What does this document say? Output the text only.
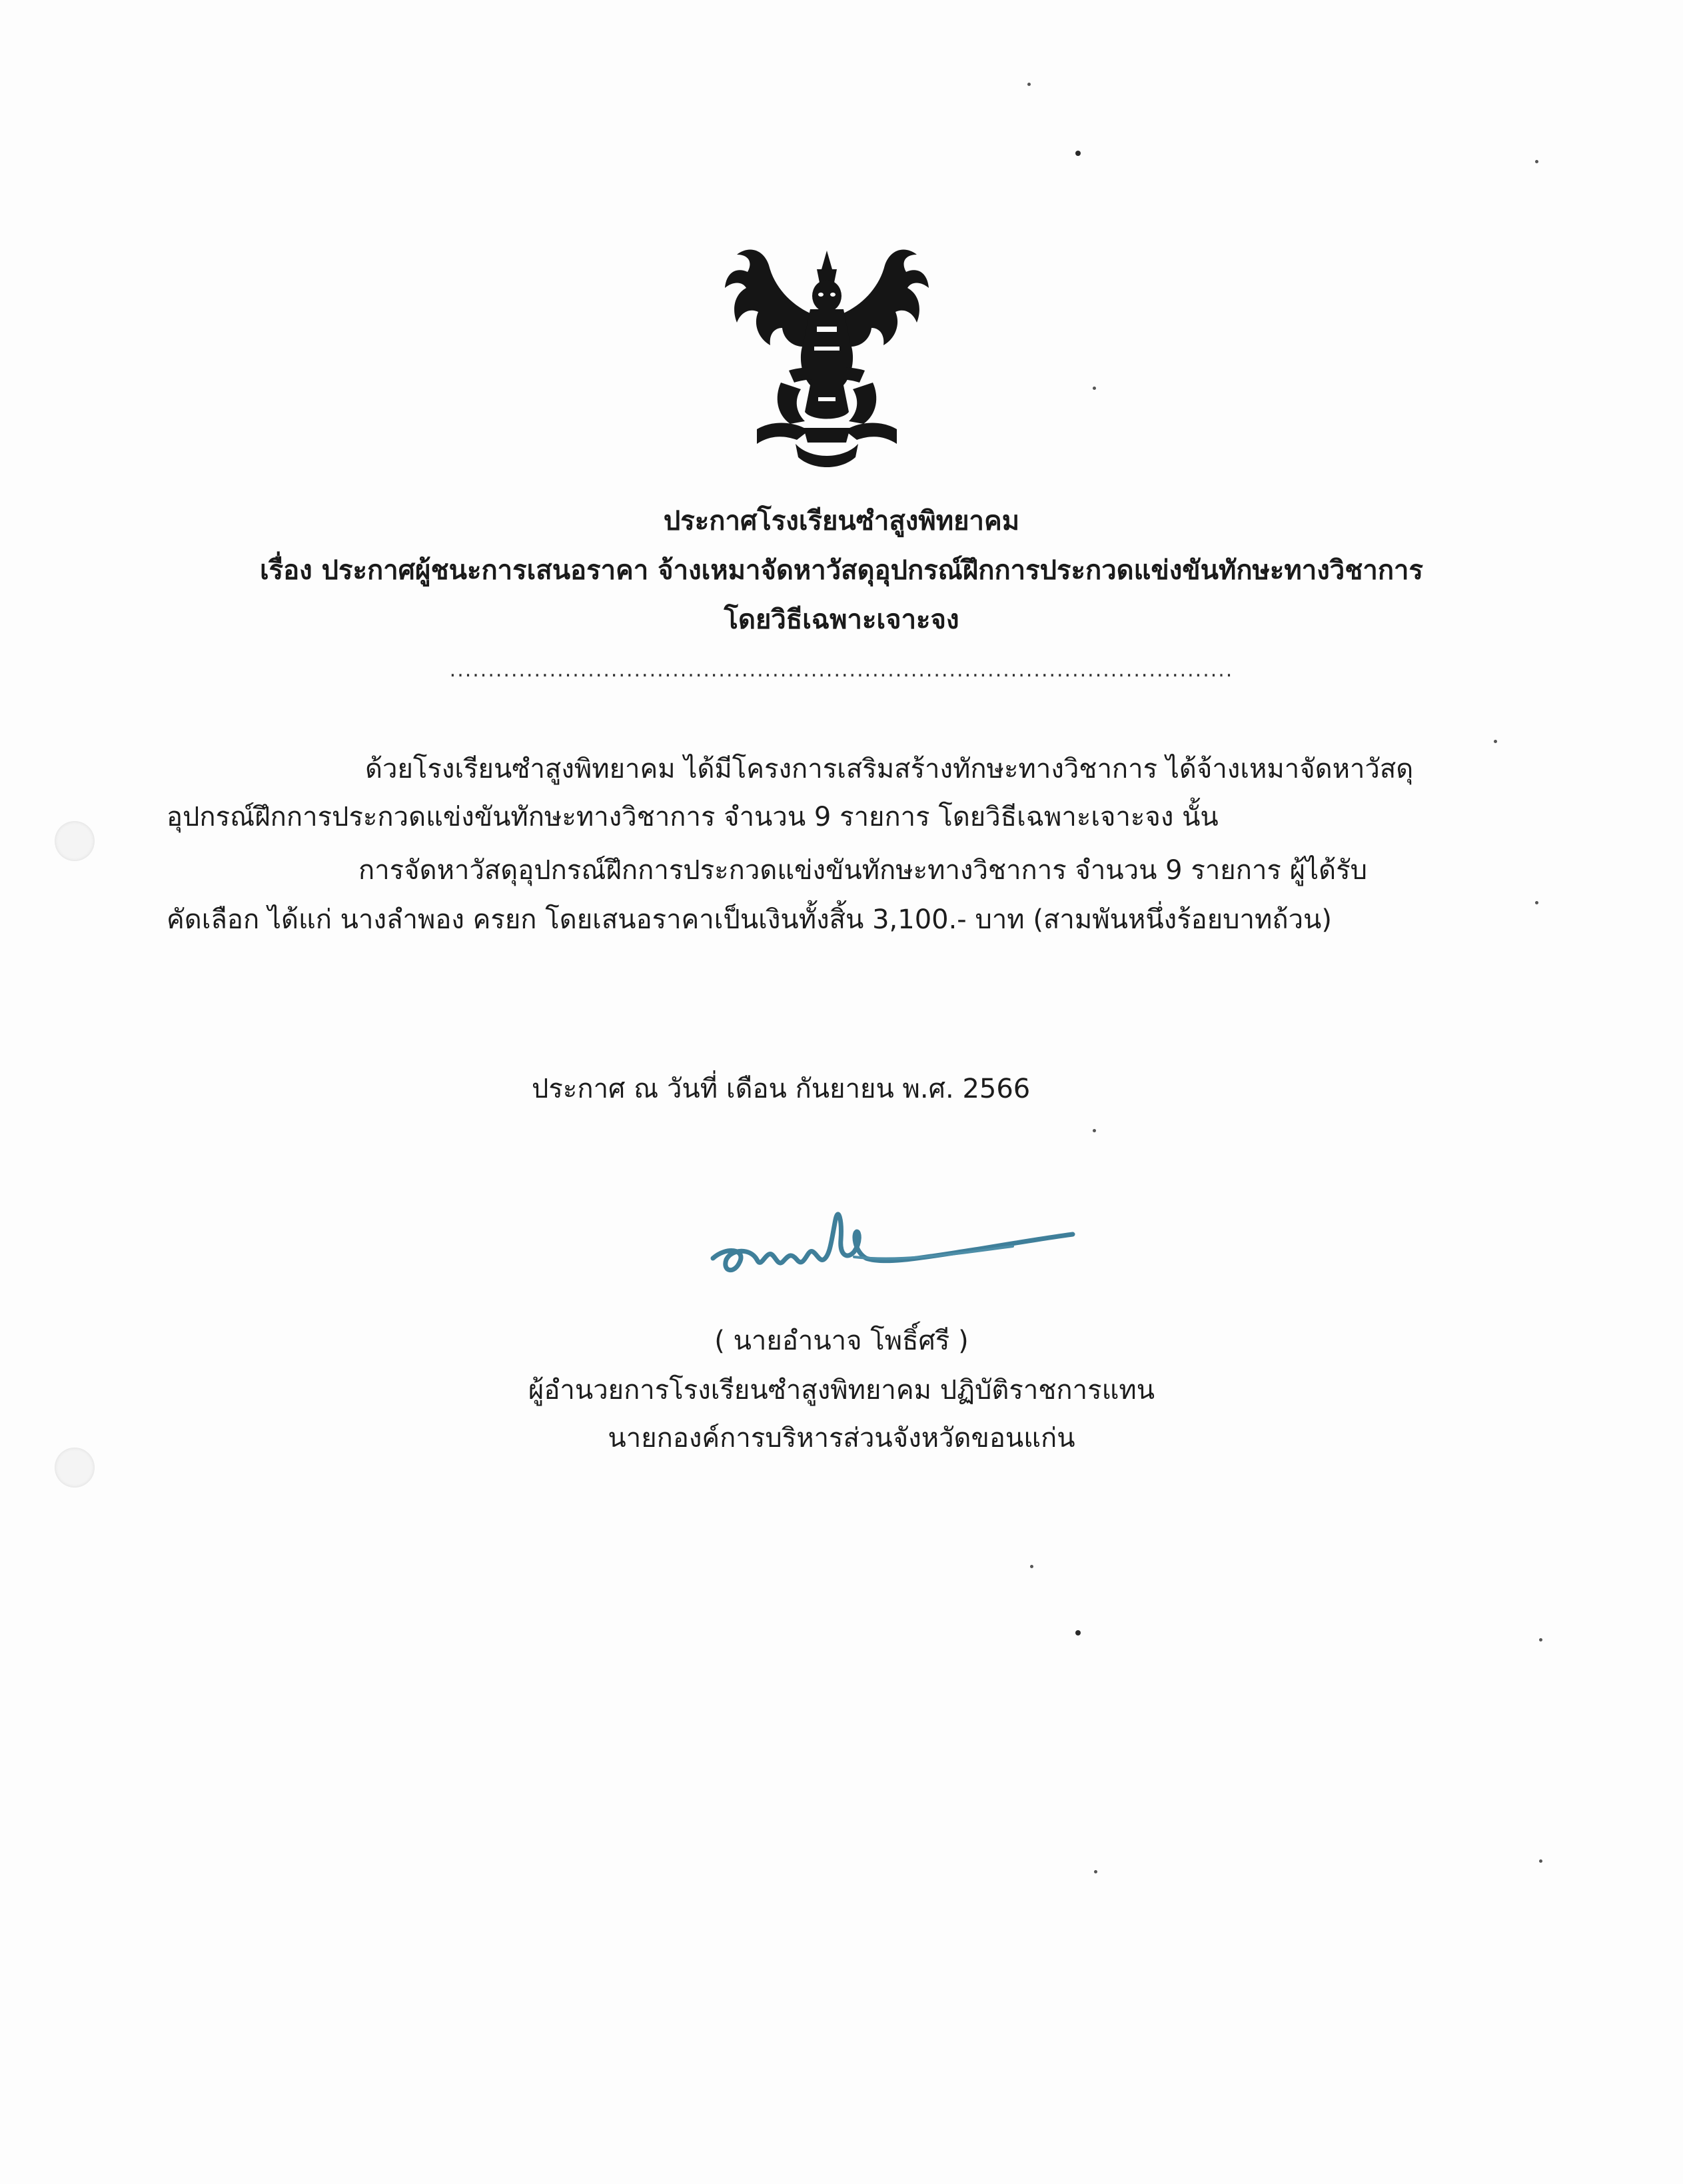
ประกาศโรงเรียนซำสูงพิทยาคม
เรื่อง ประกาศผู้ชนะการเสนอราคา จ้างเหมาจัดหาวัสดุอุปกรณ์ฝึกการประกวดแข่งขันทักษะทางวิชาการ
โดยวิธีเฉพาะเจาะจง
......................................................................................................
ด้วยโรงเรียนซำสูงพิทยาคม ได้มีโครงการเสริมสร้างทักษะทางวิชาการ ได้จ้างเหมาจัดหาวัสดุ
อุปกรณ์ฝึกการประกวดแข่งขันทักษะทางวิชาการ จำนวน 9 รายการ โดยวิธีเฉพาะเจาะจง นั้น
การจัดหาวัสดุอุปกรณ์ฝึกการประกวดแข่งขันทักษะทางวิชาการ จำนวน 9 รายการ ผู้ได้รับ
คัดเลือก ได้แก่ นางลำพอง ครยก โดยเสนอราคาเป็นเงินทั้งสิ้น 3,100.- บาท (สามพันหนึ่งร้อยบาทถ้วน)
ประกาศ ณ วันที่ เดือน กันยายน พ.ศ. 2566
( นายอำนาจ โพธิ์ศรี )
ผู้อำนวยการโรงเรียนซำสูงพิทยาคม ปฏิบัติราชการแทน
นายกองค์การบริหารส่วนจังหวัดขอนแก่น
